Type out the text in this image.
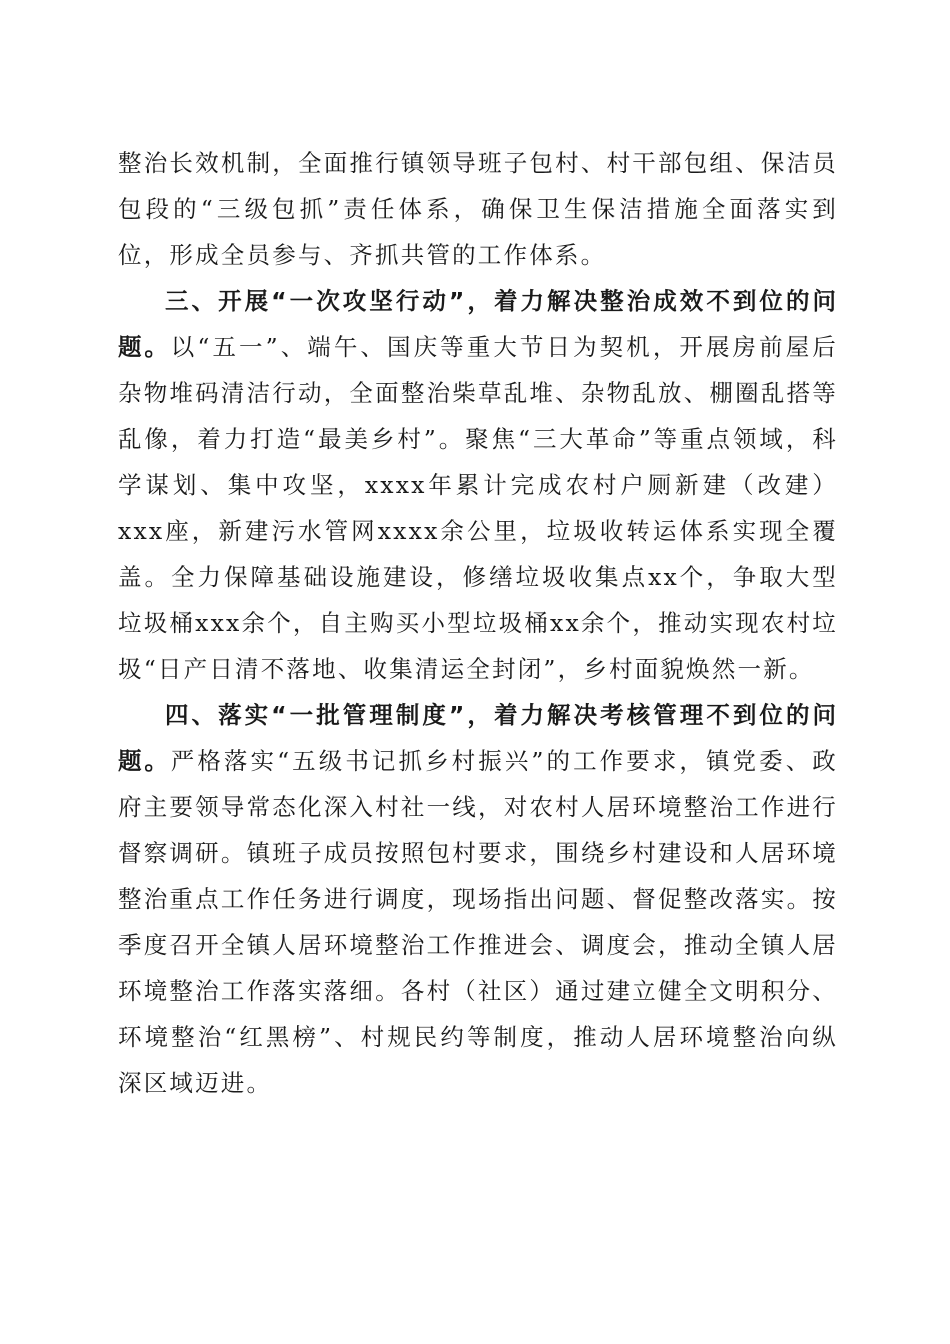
整治长效机制，全面推行镇领导班子包村、村干部包组、保洁员包段的“三级包抓”责任体系，确保卫生保洁措施全面落实到位，形成全员参与、齐抓共管的工作体系。

三、开展“一次攻坚行动”，着力解决整治成效不到位的问题。以“五一”、端午、国庆等重大节日为契机，开展房前屋后杂物堆码清洁行动，全面整治柴草乱堆、杂物乱放、棚圈乱搭等乱像，着力打造“最美乡村”。聚焦“三大革命”等重点领域，科学谋划、集中攻坚，xxxx年累计完成农村户厕新建（改建）xxx座，新建污水管网xxxx余公里，垃圾收转运体系实现全覆盖。全力保障基础设施建设，修缮垃圾收集点xx个，争取大型垃圾桶xxx余个，自主购买小型垃圾桶xx余个，推动实现农村垃圾“日产日清不落地、收集清运全封闭”，乡村面貌焕然一新。

四、落实“一批管理制度”，着力解决考核管理不到位的问题。严格落实“五级书记抓乡村振兴”的工作要求，镇党委、政府主要领导常态化深入村社一线，对农村人居环境整治工作进行督察调研。镇班子成员按照包村要求，围绕乡村建设和人居环境整治重点工作任务进行调度，现场指出问题、督促整改落实。按季度召开全镇人居环境整治工作推进会、调度会，推动全镇人居环境整治工作落实落细。各村（社区）通过建立健全文明积分、环境整治“红黑榜”、村规民约等制度，推动人居环境整治向纵深区域迈进。
